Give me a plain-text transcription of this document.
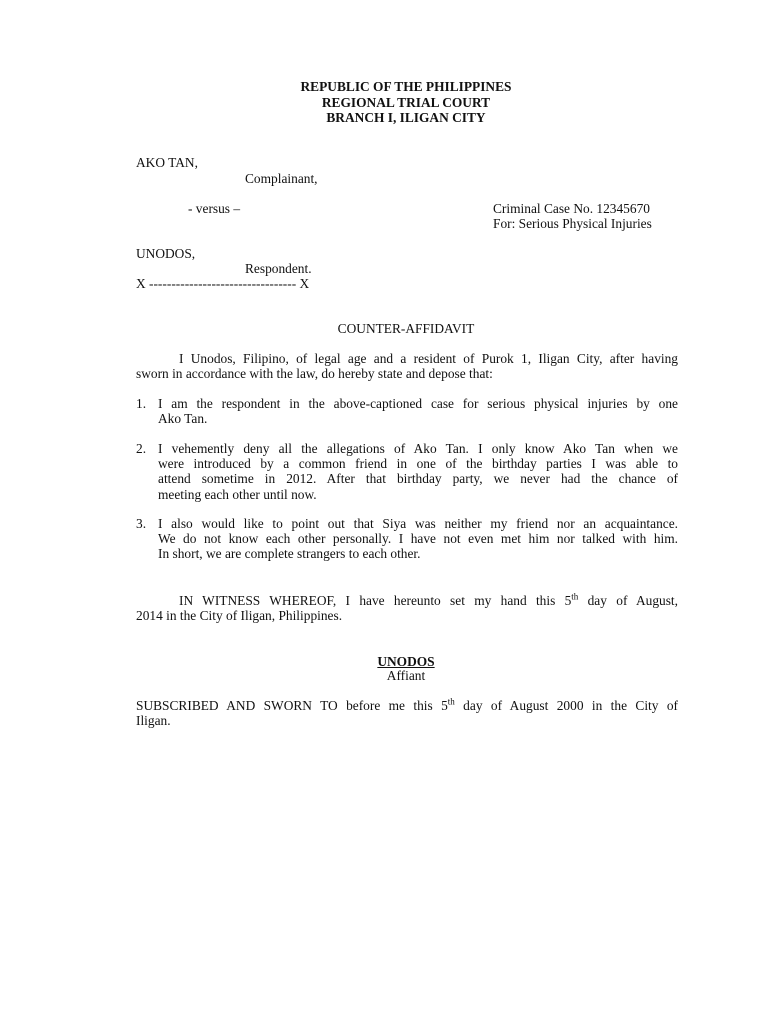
REPUBLIC OF THE PHILIPPINES
REGIONAL TRIAL COURT
BRANCH I, ILIGAN CITY
AKO TAN,
Complainant,
- versus –	Criminal Case No. 12345670
For: Serious Physical Injuries
UNODOS,
Respondent.
X --------------------------------- X
COUNTER-AFFIDAVIT
I Unodos, Filipino, of legal age and a resident of Purok 1, Iligan City, after having
sworn in accordance with the law, do hereby state and depose that:
1. I am the respondent in the above-captioned case for serious physical injuries by one
Ako Tan.
2. I vehemently deny all the allegations of Ako Tan. I only know Ako Tan when we
were introduced by a common friend in one of the birthday parties I was able to
attend sometime in 2012. After that birthday party, we never had the chance of
meeting each other until now.
3. I also would like to point out that Siya was neither my friend nor an acquaintance.
We do not know each other personally. I have not even met him nor talked with him.
In short, we are complete strangers to each other.
IN WITNESS WHEREOF, I have hereunto set my hand this 5th day of August,
2014 in the City of Iligan, Philippines.
UNODOS
Affiant
SUBSCRIBED AND SWORN TO before me this 5th day of August 2000 in the City of
Iligan.
